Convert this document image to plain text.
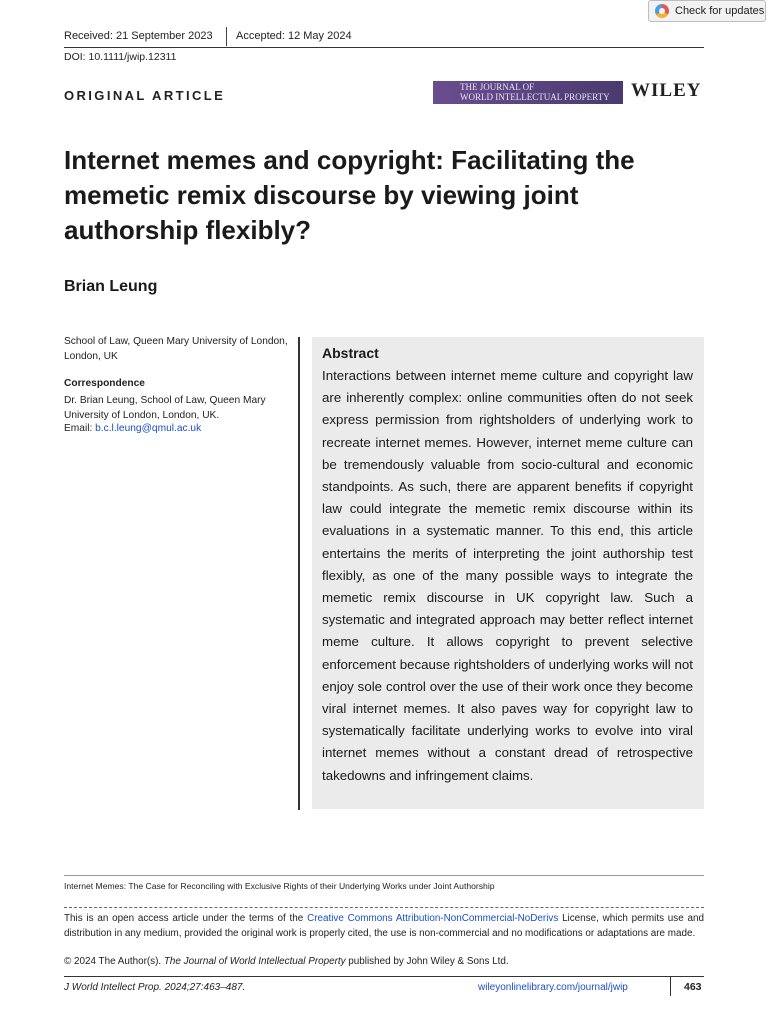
Check for updates
Received: 21 September 2023 Accepted: 12 May 2024
DOI: 10.1111/jwip.12311
ORIGINAL ARTICLE
THE JOURNAL OF
WORLD INTELLECTUAL PROPERTY	WILEY
Internet memes and copyright: Facilitating the memetic remix discourse by viewing joint authorship flexibly?
Brian Leung
School of Law, Queen Mary University of London, London, UK
Correspondence
Dr. Brian Leung, School of Law, Queen Mary University of London, London, UK.
Email: b.c.l.leung@qmul.ac.uk
Abstract
Interactions between internet meme culture and copyright law are inherently complex: online communities often do not seek express permission from rightsholders of underlying work to recreate internet memes. However, internet meme culture can be tremendously valuable from socio-cultural and economic standpoints. As such, there are apparent benefits if copyright law could integrate the memetic remix discourse within its evaluations in a systematic manner. To this end, this article entertains the merits of interpreting the joint authorship test flexibly, as one of the many possible ways to integrate the memetic remix discourse in UK copyright law. Such a systematic and integrated approach may better reflect internet meme culture. It allows copyright to prevent selective enforcement because rightsholders of underlying works will not enjoy sole control over the use of their work once they become viral internet memes. It also paves way for copyright law to systematically facilitate underlying works to evolve into viral internet memes without a constant dread of retrospective takedowns and infringement claims.
Internet Memes: The Case for Reconciling with Exclusive Rights of their Underlying Works under Joint Authorship
This is an open access article under the terms of the Creative Commons Attribution-NonCommercial-NoDerivs License, which permits use and distribution in any medium, provided the original work is properly cited, the use is non-commercial and no modifications or adaptations are made.
© 2024 The Author(s). The Journal of World Intellectual Property published by John Wiley & Sons Ltd.
J World Intellect Prop. 2024;27:463–487.	wileyonlinelibrary.com/journal/jwip	463
